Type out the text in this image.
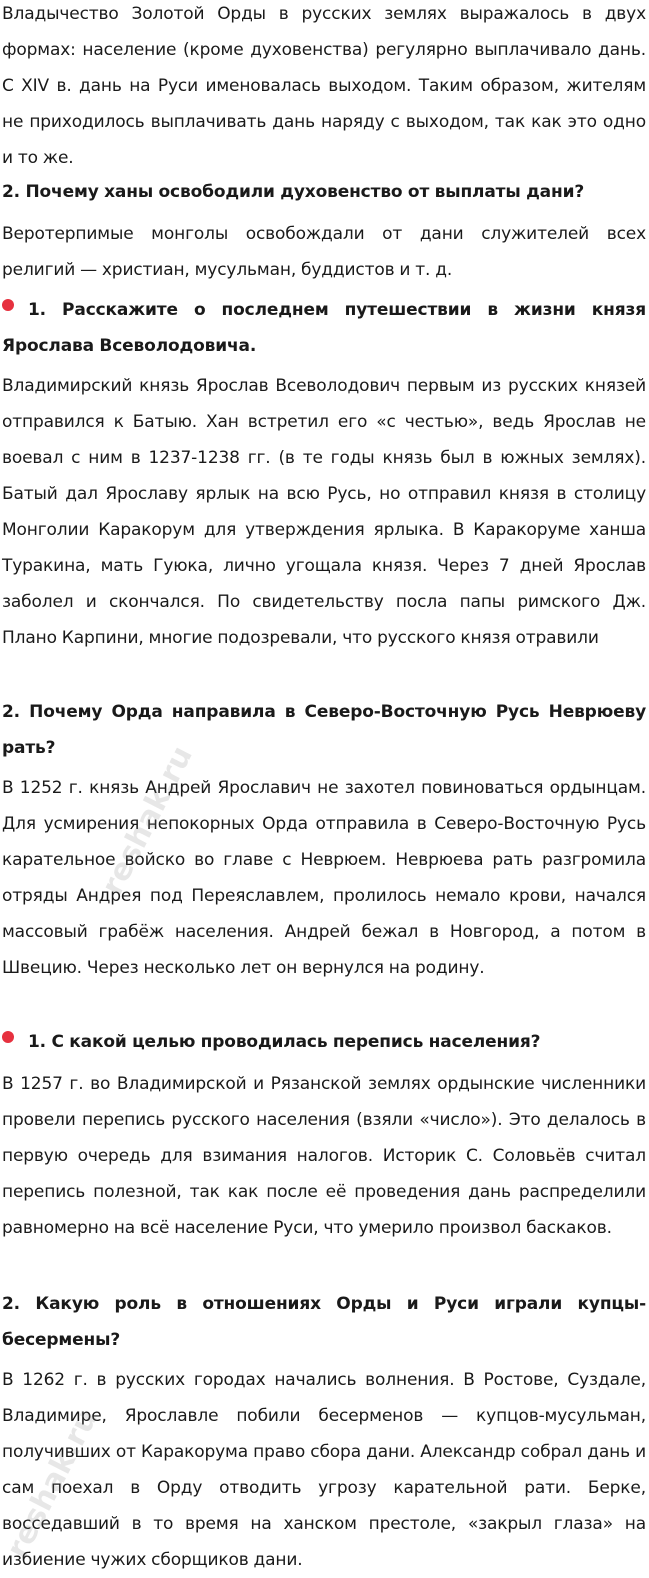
Владычество Золотой Орды в русских землях выражалось в двух формах: население (кроме духовенства) регулярно выплачивало дань. С XIV в. дань на Руси именовалась выходом. Таким образом, жителям не приходилось выплачивать дань наряду с выходом, так как это одно и то же.

2. Почему ханы освободили духовенство от выплаты дани?

Веротерпимые монголы освобождали от дани служителей всех религий — христиан, мусульман, буддистов и т. д.

1. Расскажите о последнем путешествии в жизни князя Ярослава Всеволодовича.

Владимирский князь Ярослав Всеволодович первым из русских князей отправился к Батыю. Хан встретил его «с честью», ведь Ярослав не воевал с ним в 1237-1238 гг. (в те годы князь был в южных землях). Батый дал Ярославу ярлык на всю Русь, но отправил князя в столицу Монголии Каракорум для утверждения ярлыка. В Каракоруме ханша Туракина, мать Гуюка, лично угощала князя. Через 7 дней Ярослав заболел и скончался. По свидетельству посла папы римского Дж. Плано Карпини, многие подозревали, что русского князя отравили

2. Почему Орда направила в Северо-Восточную Русь Неврюеву рать?

В 1252 г. князь Андрей Ярославич не захотел повиноваться ордынцам. Для усмирения непокорных Орда отправила в Северо-Восточную Русь карательное войско во главе с Неврюем. Неврюева рать разгромила отряды Андрея под Переяславлем, пролилось немало крови, начался массовый грабёж населения. Андрей бежал в Новгород, а потом в Швецию. Через несколько лет он вернулся на родину.

1. С какой целью проводилась перепись населения?

В 1257 г. во Владимирской и Рязанской землях ордынские численники провели перепись русского населения (взяли «число»). Это делалось в первую очередь для взимания налогов. Историк С. Соловьёв считал перепись полезной, так как после её проведения дань распределили равномерно на всё население Руси, что умерило произвол баскаков.

2. Какую роль в отношениях Орды и Руси играли купцы-бесермены?

В 1262 г. в русских городах начались волнения. В Ростове, Суздале, Владимире, Ярославле побили бесерменов — купцов-мусульман, получивших от Каракорума право сбора дани. Александр собрал дань и сам поехал в Орду отводить угрозу карательной рати. Берке, восседавший в то время на ханском престоле, «закрыл глаза» на избиение чужих сборщиков дани.

reshak.ru
reshak.ru
